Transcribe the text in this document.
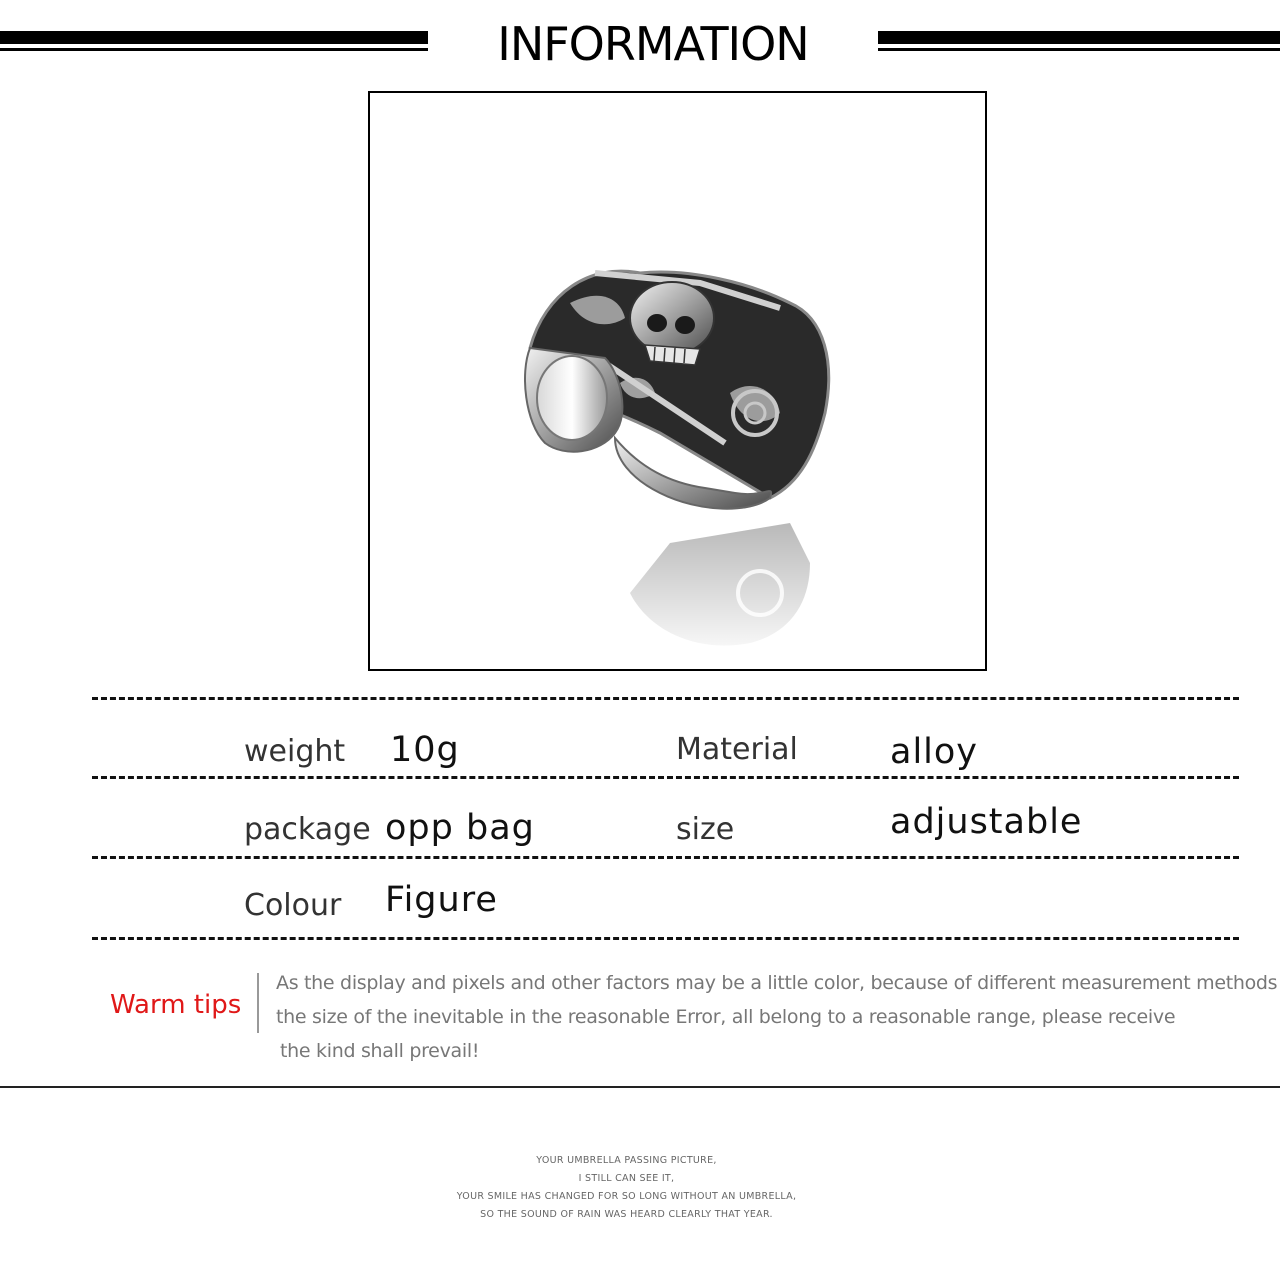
INFORMATION
weight 10g	Material	alloy
package opp bag	size	adjustable
Colour Figure
Warm tips
As the display and pixels and other factors may be a little color, because of different measurement methods
the size of the inevitable in the reasonable Error, all belong to a reasonable range, please receive
the kind shall prevail!
YOUR UMBRELLA PASSING PICTURE,
I STILL CAN SEE IT,
YOUR SMILE HAS CHANGED FOR SO LONG WITHOUT AN UMBRELLA,
SO THE SOUND OF RAIN WAS HEARD CLEARLY THAT YEAR.
